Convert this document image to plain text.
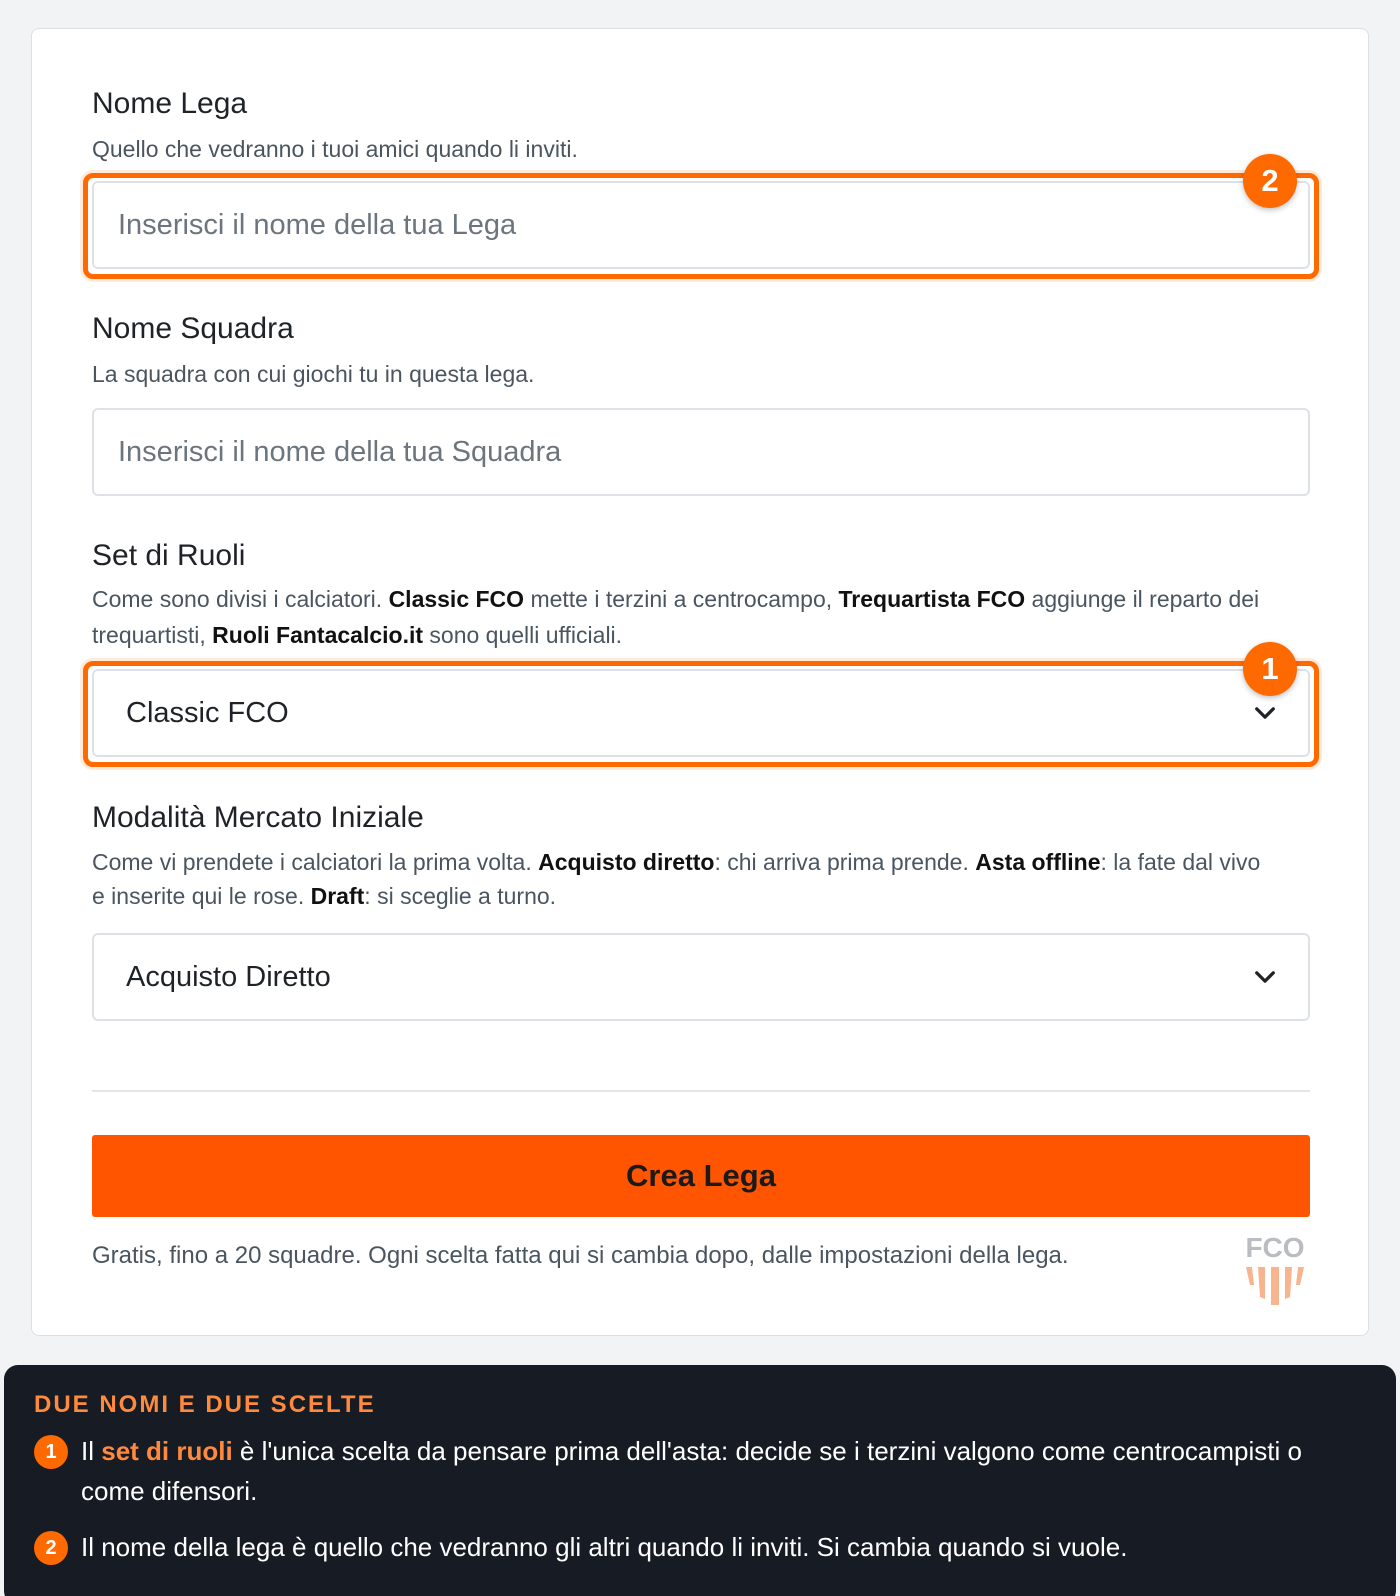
Nome Lega
Quello che vedranno i tuoi amici quando li inviti.
Inserisci il nome della tua Lega
2
Nome Squadra
La squadra con cui giochi tu in questa lega.
Inserisci il nome della tua Squadra
Set di Ruoli
Come sono divisi i calciatori. Classic FCO mette i terzini a centrocampo, Trequartista FCO aggiunge il reparto dei trequartisti, Ruoli Fantacalcio.it sono quelli ufficiali.
Classic FCO
1
Modalità Mercato Iniziale
Come vi prendete i calciatori la prima volta. Acquisto diretto: chi arriva prima prende. Asta offline: la fate dal vivo e inserite qui le rose. Draft: si sceglie a turno.
Acquisto Diretto
Crea Lega
Gratis, fino a 20 squadre. Ogni scelta fatta qui si cambia dopo, dalle impostazioni della lega.	FCO
DUE NOMI E DUE SCELTE
1 Il set di ruoli è l'unica scelta da pensare prima dell'asta: decide se i terzini valgono come centrocampisti o come difensori.
2 Il nome della lega è quello che vedranno gli altri quando li inviti. Si cambia quando si vuole.
